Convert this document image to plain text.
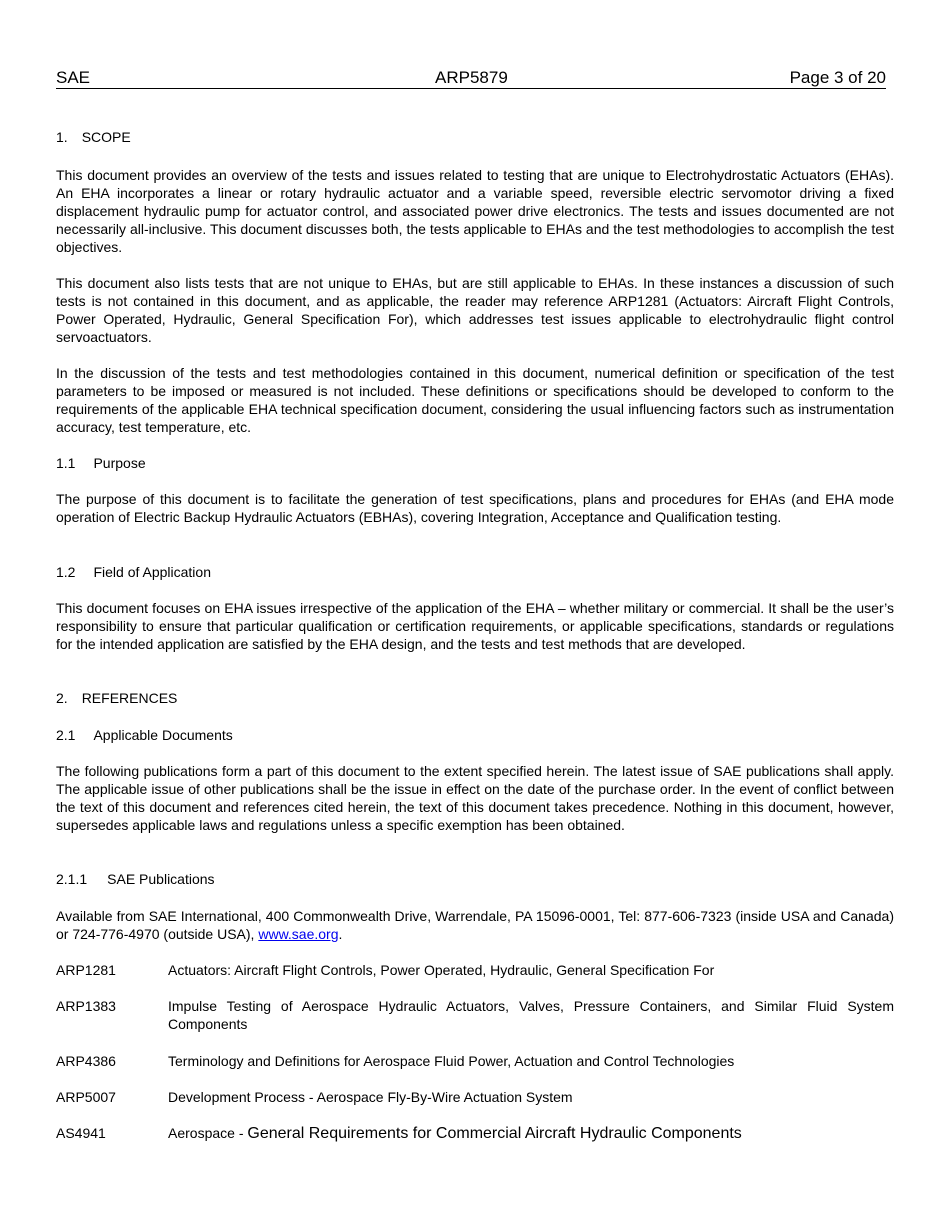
SAE	ARP5879	Page 3 of 20
1. SCOPE
This document provides an overview of the tests and issues related to testing that are unique to Electrohydrostatic Actuators (EHAs). An EHA incorporates a linear or rotary hydraulic actuator and a variable speed, reversible electric servomotor driving a fixed displacement hydraulic pump for actuator control, and associated power drive electronics. The tests and issues documented are not necessarily all-inclusive. This document discusses both, the tests applicable to EHAs and the test methodologies to accomplish the test objectives.
This document also lists tests that are not unique to EHAs, but are still applicable to EHAs. In these instances a discussion of such tests is not contained in this document, and as applicable, the reader may reference ARP1281 (Actuators: Aircraft Flight Controls, Power Operated, Hydraulic, General Specification For), which addresses test issues applicable to electrohydraulic flight control servoactuators.
In the discussion of the tests and test methodologies contained in this document, numerical definition or specification of the test parameters to be imposed or measured is not included. These definitions or specifications should be developed to conform to the requirements of the applicable EHA technical specification document, considering the usual influencing factors such as instrumentation accuracy, test temperature, etc.
1.1 Purpose
The purpose of this document is to facilitate the generation of test specifications, plans and procedures for EHAs (and EHA mode operation of Electric Backup Hydraulic Actuators (EBHAs), covering Integration, Acceptance and Qualification testing.
1.2 Field of Application
This document focuses on EHA issues irrespective of the application of the EHA – whether military or commercial. It shall be the user’s responsibility to ensure that particular qualification or certification requirements, or applicable specifications, standards or regulations for the intended application are satisfied by the EHA design, and the tests and test methods that are developed.
2. REFERENCES
2.1 Applicable Documents
The following publications form a part of this document to the extent specified herein. The latest issue of SAE publications shall apply. The applicable issue of other publications shall be the issue in effect on the date of the purchase order. In the event of conflict between the text of this document and references cited herein, the text of this document takes precedence. Nothing in this document, however, supersedes applicable laws and regulations unless a specific exemption has been obtained.
2.1.1 SAE Publications
Available from SAE International, 400 Commonwealth Drive, Warrendale, PA 15096-0001, Tel: 877-606-7323 (inside USA and Canada) or 724-776-4970 (outside USA), www.sae.org.
ARP1281	Actuators: Aircraft Flight Controls, Power Operated, Hydraulic, General Specification For
ARP1383	Impulse Testing of Aerospace Hydraulic Actuators, Valves, Pressure Containers, and Similar Fluid System Components
ARP4386	Terminology and Definitions for Aerospace Fluid Power, Actuation and Control Technologies
ARP5007	Development Process - Aerospace Fly-By-Wire Actuation System
AS4941	Aerospace - General Requirements for Commercial Aircraft Hydraulic Components
